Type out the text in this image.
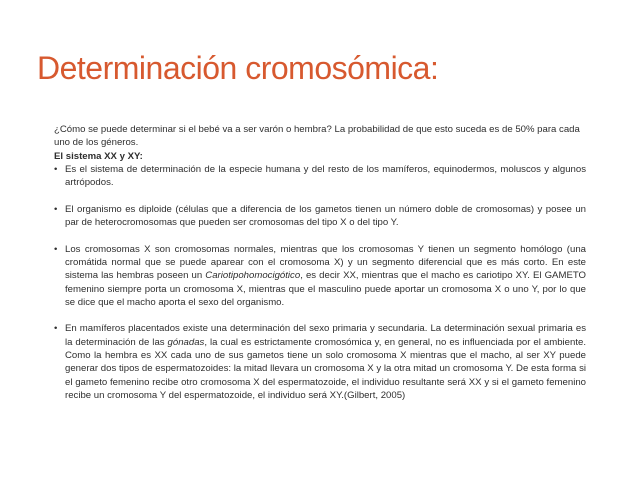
Determinación cromosómica:

¿Cómo se puede determinar si el bebé va a ser varón o hembra? La probabilidad de que esto suceda es de 50% para cada uno de los géneros.

El sistema XX y XY:

• Es el sistema de determinación de la especie humana y del resto de los mamíferos, equinodermos, moluscos y algunos artrópodos.

• El organismo es diploide (células que a diferencia de los gametos tienen un número doble de cromosomas) y posee un par de heterocromosomas que pueden ser cromosomas del tipo X o del tipo Y.

• Los cromosomas X son cromosomas normales, mientras que los cromosomas Y tienen un segmento homólogo (una cromátida normal que se puede aparear con el cromosoma X) y un segmento diferencial que es más corto. En este sistema las hembras poseen un Cariotipohomocigótico, es decir XX, mientras que el macho es cariotipo XY. El GAMETO femenino siempre porta un cromosoma X, mientras que el masculino puede aportar un cromosoma X o uno Y, por lo que se dice que el macho aporta el sexo del organismo.

• En mamíferos placentados existe una determinación del sexo primaria y secundaria. La determinación sexual primaria es la determinación de las gónadas, la cual es estrictamente cromosómica y, en general, no es influenciada por el ambiente. Como la hembra es XX cada uno de sus gametos tiene un solo cromosoma X mientras que el macho, al ser XY puede generar dos tipos de espermatozoides: la mitad llevara un cromosoma X y la otra mitad un cromosoma Y. De esta forma si el gameto femenino recibe otro cromosoma X del espermatozoide, el individuo resultante será XX y si el gameto femenino recibe un cromosoma Y del espermatozoide, el individuo será XY.(Gilbert, 2005)
